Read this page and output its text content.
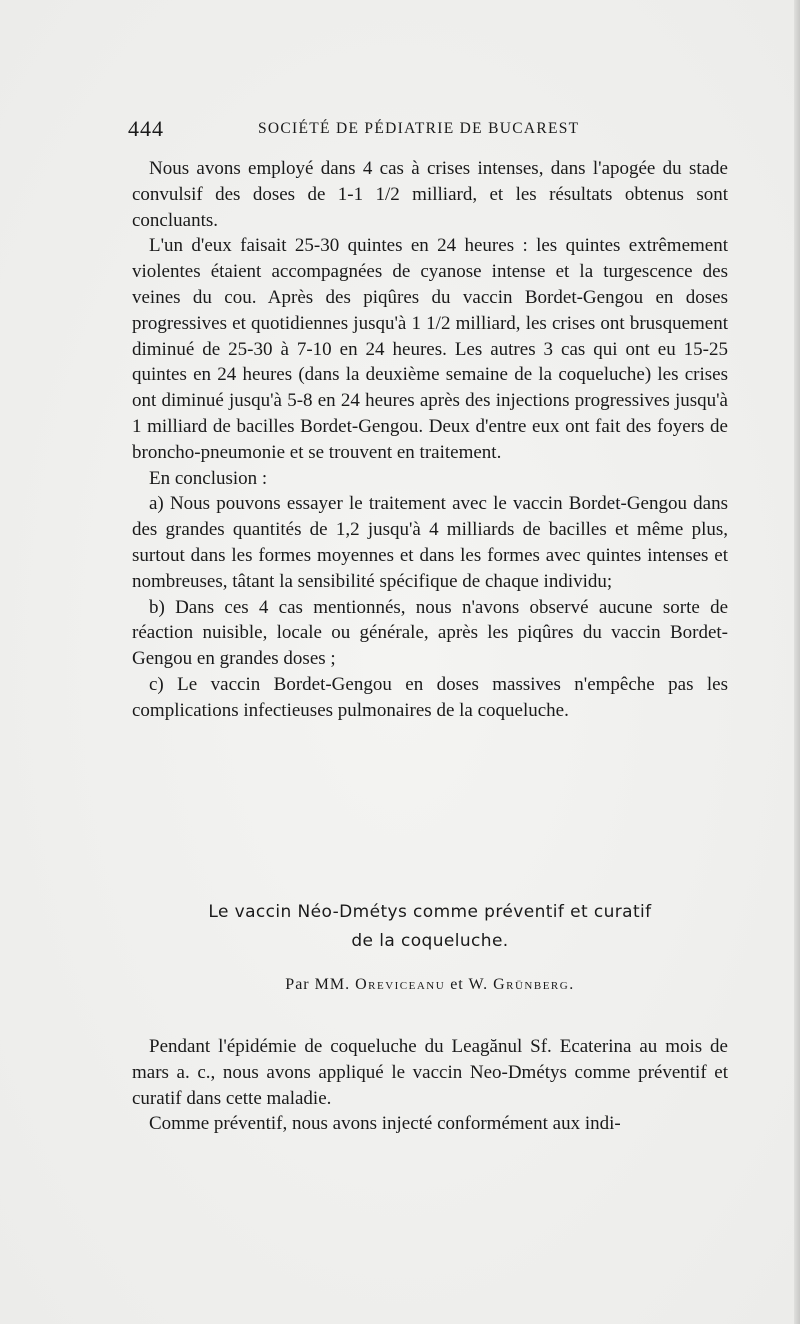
444	SOCIÉTÉ DE PÉDIATRIE DE BUCAREST

Nous avons employé dans 4 cas à crises intenses, dans l'apogée du stade convulsif des doses de 1-1 1/2 milliard, et les résultats obtenus sont concluants.

L'un d'eux faisait 25-30 quintes en 24 heures : les quintes extrêmement violentes étaient accompagnées de cyanose intense et la turgescence des veines du cou. Après des piqûres du vaccin Bordet-Gengou en doses progressives et quotidiennes jusqu'à 1 1/2 milliard, les crises ont brusquement diminué de 25-30 à 7-10 en 24 heures. Les autres 3 cas qui ont eu 15-25 quintes en 24 heures (dans la deuxième semaine de la coqueluche) les crises ont diminué jusqu'à 5-8 en 24 heures après des injections progressives jusqu'à 1 milliard de bacilles Bordet-Gengou. Deux d'entre eux ont fait des foyers de broncho-pneumonie et se trouvent en traitement.

En conclusion :

a) Nous pouvons essayer le traitement avec le vaccin Bordet-Gengou dans des grandes quantités de 1,2 jusqu'à 4 milliards de bacilles et même plus, surtout dans les formes moyennes et dans les formes avec quintes intenses et nombreuses, tâtant la sensibilité spécifique de chaque individu;

b) Dans ces 4 cas mentionnés, nous n'avons observé aucune sorte de réaction nuisible, locale ou générale, après les piqûres du vaccin Bordet-Gengou en grandes doses ;

c) Le vaccin Bordet-Gengou en doses massives n'empêche pas les complications infectieuses pulmonaires de la coqueluche.

Le vaccin Néo-Dmétys comme préventif et curatif
de la coqueluche.
Par MM. Oreviceanu et W. Grünberg.

Pendant l'épidémie de coqueluche du Leagănul Sf. Ecaterina au mois de mars a. c., nous avons appliqué le vaccin Neo-Dmétys comme préventif et curatif dans cette maladie.

Comme préventif, nous avons injecté conformément aux indi-
